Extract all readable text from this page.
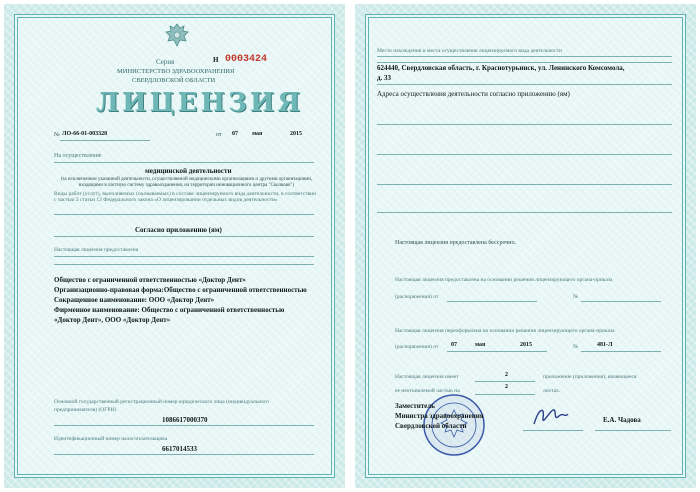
Серия	Н 0003424
МИНИСТЕРСТВО ЗДРАВООХРАНЕНИЯ
СВЕРДЛОВСКОЙ ОБЛАСТИ
ЛИЦЕНЗИЯ
№ ЛО-66-01-003328	от 07 мая	2015
На осуществление
медицинской деятельности
(за исключением указанной деятельности, осуществляемой медицинскими организациями и другими организациями, входящими в частную систему здравоохранения, на территории инновационного центра "Сколково")
Виды работ (услуг), выполняемых (оказываемых) в составе лицензируемого вида деятельности, в соответствии с частью 2 статьи 12 Федерального закона «О лицензировании отдельных видов деятельности»
Согласно приложению (ям)
Настоящая лицензия предоставлена
Общество с ограниченной ответственностью «Доктор Дент»
Организационно-правовая форма:Общество с ограниченной ответственностью
Сокращенное наименование: ООО «Доктор Дент»
Фирменное наименование: Общество с ограниченной ответственностью
«Доктор Дент», ООО «Доктор Дент»
Основной государственный регистрационный номер юридического лица (индивидуального
предпринимателя) (ОГРН)
1086617000370
Идентификационный номер налогоплательщика
6617014533
Место нахождения и места осуществления лицензируемого вида деятельности
624440, Свердловская область, г. Краснотурьинск, ул. Ленинского Комсомола,
д. 33
Адреса осуществления деятельности согласно приложению (ям)
Настоящая лицензия предоставлена бессрочно.
Настоящая лицензия предоставлена на основании решения лицензирующего органа-приказа
(распоряжения) от	№
Настоящая лицензия переоформлена на основании решения лицензирующего органа-приказа
(распоряжения) от 07	мая	2015	№	481-Л
Настоящая лицензия имеет	2	приложение (приложения), являющееся
ее неотъемлемой частью на
2
листах.
Заместитель
Министра здравоохранения
Свердловской области
Е.А. Чадова
